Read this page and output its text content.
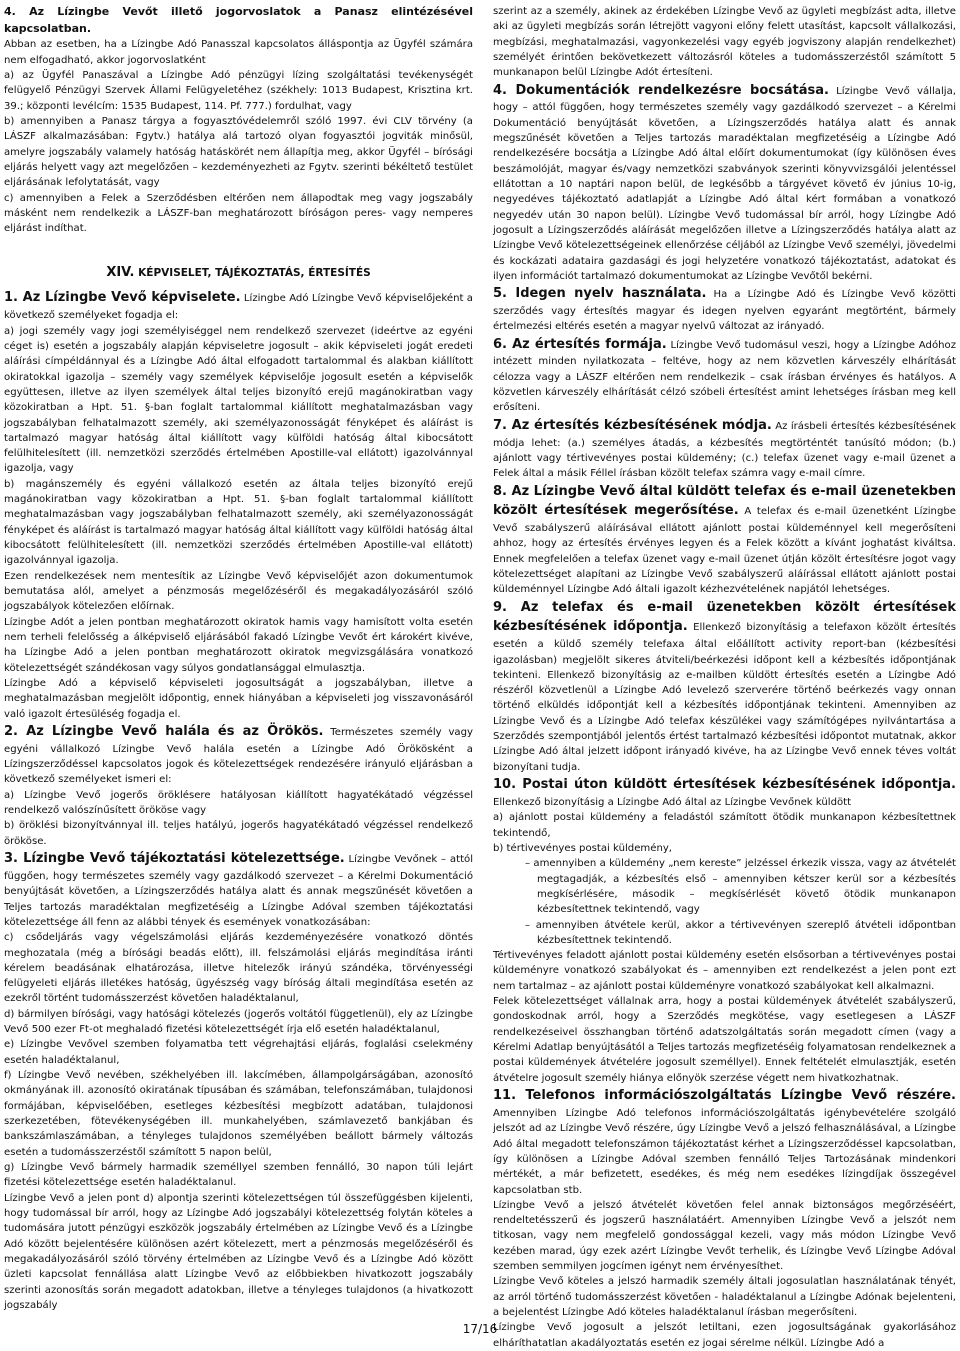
4. Az Lízingbe Vevőt illető jogorvoslatok a Panasz elintézésével kapcsolatban.

Abban az esetben, ha a Lízingbe Adó Panasszal kapcsolatos álláspontja az Ügyfél számára nem elfogadható, akkor jogorvoslatként

a) az Ügyfél Panaszával a Lízingbe Adó pénzügyi lízing szolgáltatási tevékenységét felügyelő Pénzügyi Szervek Állami Felügyeletéhez (székhely: 1013 Budapest, Krisztina krt. 39.; központi levélcím: 1535 Budapest, 114. Pf. 777.) fordulhat, vagy

b) amennyiben a Panasz tárgya a fogyasztóvédelemről szóló 1997. évi CLV törvény (a LÁSZF alkalmazásában: Fgytv.) hatálya alá tartozó olyan fogyasztói jogviták minősül, amelyre jogszabály valamely hatóság hatáskörét nem állapítja meg, akkor Ügyfél – bírósági eljárás helyett vagy azt megelőzően – kezdeményezheti az Fgytv. szerinti békéltető testület eljárásának lefolytatását, vagy

c) amennyiben a Felek a Szerződésben eltérően nem állapodtak meg vagy jogszabály másként nem rendelkezik a LÁSZF-ban meghatározott bíróságon peres- vagy nemperes eljárást indíthat.

XIV. KÉPVISELET, TÁJÉKOZTATÁS, ÉRTESÍTÉS

1. Az Lízingbe Vevő képviselete. Lízingbe Adó Lízingbe Vevő képviselőjeként a következő személyeket fogadja el:

a) jogi személy vagy jogi személyiséggel nem rendelkező szervezet (ideértve az egyéni céget is) esetén a jogszabály alapján képviseletre jogosult – akik képviseleti jogát eredeti aláírási címpéldánnyal és a Lízingbe Adó által elfogadott tartalommal és alakban kiállított okiratokkal igazolja – személy vagy személyek képviselője jogosult esetén a képviselők együttesen, illetve az ilyen személyek által teljes bizonyító erejű magánokiratban vagy közokiratban a Hpt. 51. §-ban foglalt tartalommal kiállított meghatalmazásban vagy jogszabályban felhatalmazott személy, aki személyazonosságát fényképet és aláírást is tartalmazó magyar hatóság által kiállított vagy külföldi hatóság által kibocsátott felülhitelesített (ill. nemzetközi szerződés értelmében Apostille-val ellátott) igazolvánnyal igazolja, vagy

b) magánszemély és egyéni vállalkozó esetén az általa teljes bizonyító erejű magánokiratban vagy közokiratban a Hpt. 51. §-ban foglalt tartalommal kiállított meghatalmazásban vagy jogszabályban felhatalmazott személy, aki személyazonosságát fényképet és aláírást is tartalmazó magyar hatóság által kiállított vagy külföldi hatóság által kibocsátott felülhitelesített (ill. nemzetközi szerződés értelmében Apostille-val ellátott) igazolvánnyal igazolja.

Ezen rendelkezések nem mentesítik az Lízingbe Vevő képviselőjét azon dokumentumok bemutatása alól, amelyet a pénzmosás megelőzéséről és megakadályozásáról szóló jogszabályok kötelezően előírnak.

Lízingbe Adót a jelen pontban meghatározott okiratok hamis vagy hamisított volta esetén nem terheli felelősség a álképviselő eljárásából fakadó Lízingbe Vevőt ért károkért kivéve, ha Lízingbe Adó a jelen pontban meghatározott okiratok megvizsgálására vonatkozó kötelezettségét szándékosan vagy súlyos gondatlansággal elmulasztja.

Lízingbe Adó a képviselő képviseleti jogosultságát a jogszabályban, illetve a meghatalmazásban megjelölt időpontig, ennek hiányában a képviseleti jog visszavonásáról való igazolt értesüléség fogadja el.

2. Az Lízingbe Vevő halála és az Örökös. Természetes személy vagy egyéni vállalkozó Lízingbe Vevő halála esetén a Lízingbe Adó Örökösként a Lízingszerződéssel kapcsolatos jogok és kötelezettségek rendezésére irányuló eljárásban a következő személyeket ismeri el:

a) Lízingbe Vevő jogerős öröklésere hatályosan kiállított hagyatékátadó végzéssel rendelkező valószínűsített örököse vagy

b) öröklési bizonyítvánnyal ill. teljes hatályú, jogerős hagyatékátadó végzéssel rendelkező örököse.

3. Lízingbe Vevő tájékoztatási kötelezettsége. Lízingbe Vevőnek – attól függően, hogy természetes személy vagy gazdálkodó szervezet – a Kérelmi Dokumentáció benyújtását követően, a Lízingszerződés hatálya alatt és annak megszűnését követően a Teljes tartozás maradéktalan megfizetéséig a Lízingbe Adóval szemben tájékoztatási kötelezettsége áll fenn az alábbi tények és események vonatkozásában:

c) csődeljárás vagy végelszámolási eljárás kezdeményezésére vonatkozó döntés meghozatala (még a bírósági beadás előtt), ill. felszámolási eljárás megindítása iránti kérelem beadásának elhatározása, illetve hitelezők irányú szándéka, törvényességi felügyeleti eljárás illetékes hatóság, ügyészség vagy bíróság általi megindítása esetén az ezekről történt tudomásszerzést követően haladéktalanul,

d) bármilyen bírósági, vagy hatósági kötelezés (jogerős voltától függetlenül), ely az Lízingbe Vevő 500 ezer Ft-ot meghaladó fizetési kötelezettségét írja elő esetén haladéktalanul,

e) Lízingbe Vevővel szemben folyamatba tett végrehajtási eljárás, foglalási cselekmény esetén haladéktalanul,

f) Lízingbe Vevő nevében, székhelyében ill. lakcímében, állampolgárságában, azonosító okmányának ill. azonosító okiratának típusában és számában, telefonszámában, tulajdonosi formájában, képviselőében, esetleges kézbesítési megbízott adatában, tulajdonosi szerkezetében, fötevékenységében ill. munkahelyében, számlavezető bankjában és bankszámlaszámában, a tényleges tulajdonos személyében beállott bármely változás esetén a tudomásszerzéstől számított 5 napon belül,

g) Lízingbe Vevő bármely harmadik személlyel szemben fennálló, 30 napon túli lejárt fizetési kötelezettsége esetén haladéktalanul.

Lízingbe Vevő a jelen pont d) alpontja szerinti kötelezettségen túl összefüggésben kijelenti, hogy tudomással bír arról, hogy az Lízingbe Adó jogszabályi kötelezettség folytán köteles a tudomására jutott pénzügyi eszközök jogszabály értelmében az Lízingbe Vevő és a Lízingbe Adó között bejelentésére különösen azért kötelezett, mert a pénzmosás megelőzéséről és megakadályozásáról szóló törvény értelmében az Lízingbe Vevő és a Lízingbe Adó között üzleti kapcsolat fennállása alatt Lízingbe Vevő az előbbiekben hivatkozott jogszabály szerinti azonosítás során megadott adatokban, illetve a tényleges tulajdonos (a hivatkozott jogszabály

szerint az a személy, akinek az érdekében Lízingbe Vevő az ügyleti megbízást adta, illetve aki az ügyleti megbízás során létrejött vagyoni előny felett utasítást, kapcsolt vállalkozási, megbízási, meghatalmazási, vagyonkezelési vagy egyéb jogviszony alapján rendelkezhet) személyét érintően bekövetkezett változásról köteles a tudomásszerzéstől számított 5 munkanapon belül Lízingbe Adót értesíteni.

4. Dokumentációk rendelkezésre bocsátása. Lízingbe Vevő vállalja, hogy – attól függően, hogy természetes személy vagy gazdálkodó szervezet – a Kérelmi Dokumentáció benyújtását követően, a Lízingszerződés hatálya alatt és annak megszűnését követően a Teljes tartozás maradéktalan megfizetéséig a Lízingbe Adó rendelkezésére bocsátja a Lízingbe Adó által előírt dokumentumokat (így különösen éves beszámolóját, magyar és/vagy nemzetközi szabványok szerinti könyvvizsgálói jelentéssel ellátottan a 10 naptári napon belül, de legkésőbb a tárgyévet követő év június 10-ig, negyedéves tájékoztató adatlapját a Lízingbe Adó által kért formában a vonatkozó negyedév után 30 napon belül). Lízingbe Vevő tudomással bír arról, hogy Lízingbe Adó jogosult a Lízingszerződés aláírását megelőzően illetve a Lízingszerződés hatálya alatt az Lízingbe Vevő kötelezettségeinek ellenőrzése céljából az Lízingbe Vevő személyi, jövedelmi és kockázati adataira gazdasági és jogi helyzetére vonatkozó tájékoztatást, adatokat és ilyen információt tartalmazó dokumentumokat az Lízingbe Vevőtől bekérni.

5. Idegen nyelv használata. Ha a Lízingbe Adó és Lízingbe Vevő közötti szerződés vagy értesítés magyar és idegen nyelven egyaránt megtörtént, bármely értelmezési eltérés esetén a magyar nyelvű változat az irányadó.

6. Az értesítés formája. Lízingbe Vevő tudomásul veszi, hogy a Lízingbe Adóhoz intézett minden nyilatkozata – feltéve, hogy az nem közvetlen kárveszély elhárítását célozza vagy a LÁSZF eltérően nem rendelkezik – csak írásban érvényes és hatályos. A közvetlen kárveszély elhárítását célzó szóbeli értesítést amint lehetséges írásban meg kell erősíteni.

7. Az értesítés kézbesítésének módja. Az írásbeli értesítés kézbesítésének módja lehet: (a.) személyes átadás, a kézbesítés megtörténtét tanúsító módon; (b.) ajánlott vagy tértivevényes postai küldemény; (c.) telefax üzenet vagy e-mail üzenet a Felek által a másik Féllel írásban közölt telefax számra vagy e-mail címre.

8. Az Lízingbe Vevő által küldött telefax és e-mail üzenetekben közölt értesítések megerősítése. A telefax és e-mail üzenetként Lízingbe Vevő szabályszerű aláírásával ellátott ajánlott postai küldeménnyel kell megerősíteni ahhoz, hogy az értesítés érvényes legyen és a Felek között a kívánt joghatást kiváltsa. Ennek megfelelően a telefax üzenet vagy e-mail üzenet útján közölt értesítésre jogot vagy kötelezettséget alapítani az Lízingbe Vevő szabályszerű aláírással ellátott ajánlott postai küldeménnyel Lízingbe Adó általi igazolt kézhezvételének napjától lehetséges.

9. Az telefax és e-mail üzenetekben közölt értesítések kézbesítésének időpontja. Ellenkező bizonyításig a telefaxon közölt értesítés esetén a küldő személy telefaxa által előállított activity report-ban (kézbesítési igazolásban) megjelölt sikeres átviteli/beérkezési időpont kell a kézbesítés időpontjának tekinteni. Ellenkező bizonyításig az e-mailben küldött értesítés esetén a Lízingbe Adó részéről közvetlenül a Lízingbe Adó levelező szerverére történő beérkezés vagy onnan történő elküldés időpontját kell a kézbesítés időpontjának tekinteni. Amennyiben az Lízingbe Vevő és a Lízingbe Adó telefax készülékei vagy számítógépes nyilvántartása a Szerződés szempontjából jelentős értést tartalmazó kézbesítési időpontot mutatnak, akkor Lízingbe Adó által jelzett időpont irányadó kivéve, ha az Lízingbe Vevő ennek téves voltát bizonyítani tudja.

10. Postai úton küldött értesítések kézbesítésének időpontja. Ellenkező bizonyításig a Lízingbe Adó által az Lízingbe Vevőnek küldött

a) ajánlott postai küldemény a feladástól számított ötödik munkanapon kézbesítettnek tekintendő,

b) tértivevényes postai küldemény,

– amennyiben a küldemény „nem kereste” jelzéssel érkezik vissza, vagy az átvételét megtagadják, a kézbesítés első – amennyiben kétszer kerül sor a kézbesítés megkísérlésére, második – megkísérlését követő ötödik munkanapon kézbesítettnek tekintendő, vagy

– amennyiben átvétele kerül, akkor a tértivevényen szereplő átvételi időpontban kézbesítettnek tekintendő.

Tértivevényes feladott ajánlott postai küldemény esetén elsősorban a tértivevényes postai küldeményre vonatkozó szabályokat és – amennyiben ezt rendelkezést a jelen pont ezt nem tartalmaz – az ajánlott postai küldeményre vonatkozó szabályokat kell alkalmazni.

Felek kötelezettséget vállalnak arra, hogy a postai küldemények átvételét szabályszerű, gondoskodnak arról, hogy a Szerződés megkötése, vagy esetlegesen a LÁSZF rendelkezéseivel összhangban történő adatszolgáltatás során megadott címen (vagy a Kérelmi Adatlap benyújtásától a Teljes tartozás megfizetéséig folyamatosan rendelkeznek a postai küldemények átvételére jogosult személlyel). Ennek feltételét elmulasztják, esetén átvételre jogosult személy hiánya előnyök szerzése végett nem hivatkozhatnak.

11. Telefonos információszolgáltatás Lízingbe Vevő részére. Amennyiben Lízingbe Adó telefonos információszolgáltatás igénybevételére szolgáló jelszót ad az Lízingbe Vevő részére, úgy Lízingbe Vevő a jelszó felhasználásával, a Lízingbe Adó által megadott telefonszámon tájékoztatást kérhet a Lízingszerződéssel kapcsolatban, így különösen a Lízingbe Adóval szemben fennálló Teljes Tartozásának mindenkori mértékét, a már befizetett, esedékes, és még nem esedékes lízingdíjak összegével kapcsolatban stb.

Lízingbe Vevő a jelszó átvételét követően felel annak biztonságos megőrzéséért, rendeltetésszerű és jogszerű használatáért. Amennyiben Lízingbe Vevő a jelszót nem titkosan, vagy nem megfelelő gondossággal kezeli, vagy más módon Lízingbe Vevő kezében marad, úgy ezek azért Lízingbe Vevőt terhelik, és Lízingbe Vevő Lízingbe Adóval szemben semmilyen jogcímen igényt nem érvényesíthet.

Lízingbe Vevő köteles a jelszó harmadik személy általi jogosulatlan használatának tényét, az arról történő tudomásszerzést követően - haladéktalanul a Lízingbe Adónak bejelenteni, a bejelentést Lízingbe Adó köteles haladéktalanul írásban megerősíteni.

Lízingbe Vevő jogosult a jelszót letiltani, ezen jogosultságának gyakorlásához elháríthatatlan akadályoztatás esetén ez jogai sérelme nélkül. Lízingbe Adó a

17/16
